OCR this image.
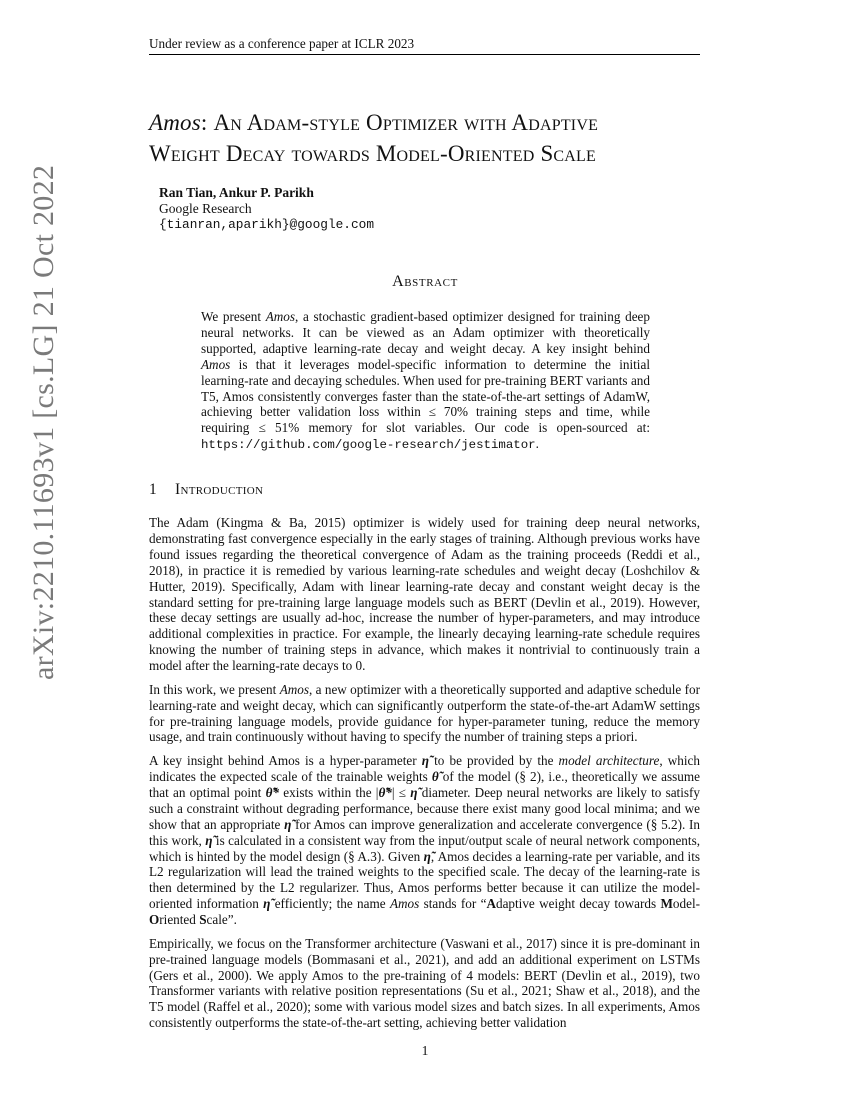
Under review as a conference paper at ICLR 2023
arXiv:2210.11693v1 [cs.LG] 21 Oct 2022
Amos: An Adam-style Optimizer with Adaptive
Weight Decay towards Model-Oriented Scale
Ran Tian, Ankur P. Parikh
Google Research
{tianran,aparikh}@google.com
Abstract
We present Amos, a stochastic gradient-based optimizer designed for training deep neural networks. It can be viewed as an Adam optimizer with theoretically supported, adaptive learning-rate decay and weight decay. A key insight behind Amos is that it leverages model-specific information to determine the initial learning-rate and decaying schedules. When used for pre-training BERT variants and T5, Amos consistently converges faster than the state-of-the-art settings of AdamW, achieving better validation loss within ≤ 70% training steps and time, while requiring ≤ 51% memory for slot variables. Our code is open-sourced at: https://github.com/google-research/jestimator.
1 Introduction

The Adam (Kingma & Ba, 2015) optimizer is widely used for training deep neural networks, demonstrating fast convergence especially in the early stages of training. Although previous works have found issues regarding the theoretical convergence of Adam as the training proceeds (Reddi et al., 2018), in practice it is remedied by various learning-rate schedules and weight decay (Loshchilov & Hutter, 2019). Specifically, Adam with linear learning-rate decay and constant weight decay is the standard setting for pre-training large language models such as BERT (Devlin et al., 2019). However, these decay settings are usually ad-hoc, increase the number of hyper-parameters, and may introduce additional complexities in practice. For example, the linearly decaying learning-rate schedule requires knowing the number of training steps in advance, which makes it nontrivial to continuously train a model after the learning-rate decays to 0.

In this work, we present Amos, a new optimizer with a theoretically supported and adaptive schedule for learning-rate and weight decay, which can significantly outperform the state-of-the-art AdamW settings for pre-training language models, provide guidance for hyper-parameter tuning, reduce the memory usage, and train continuously without having to specify the number of training steps a priori.

A key insight behind Amos is a hyper-parameter η̃ to be provided by the model architecture, which indicates the expected scale of the trainable weights θ̃ of the model (§ 2), i.e., theoretically we assume that an optimal point θ̃* exists within the |θ̃*| ≤ η̃ diameter. Deep neural networks are likely to satisfy such a constraint without degrading performance, because there exist many good local minima; and we show that an appropriate η̃ for Amos can improve generalization and accelerate convergence (§ 5.2). In this work, η̃ is calculated in a consistent way from the input/output scale of neural network components, which is hinted by the model design (§ A.3). Given η̃, Amos decides a learning-rate per variable, and its L2 regularization will lead the trained weights to the specified scale. The decay of the learning-rate is then determined by the L2 regularizer. Thus, Amos performs better because it can utilize the model-oriented information η̃ efficiently; the name Amos stands for “Adaptive weight decay towards Model-Oriented Scale”.

Empirically, we focus on the Transformer architecture (Vaswani et al., 2017) since it is pre-dominant in pre-trained language models (Bommasani et al., 2021), and add an additional experiment on LSTMs (Gers et al., 2000). We apply Amos to the pre-training of 4 models: BERT (Devlin et al., 2019), two Transformer variants with relative position representations (Su et al., 2021; Shaw et al., 2018), and the T5 model (Raffel et al., 2020); some with various model sizes and batch sizes. In all experiments, Amos consistently outperforms the state-of-the-art setting, achieving better validation

1
